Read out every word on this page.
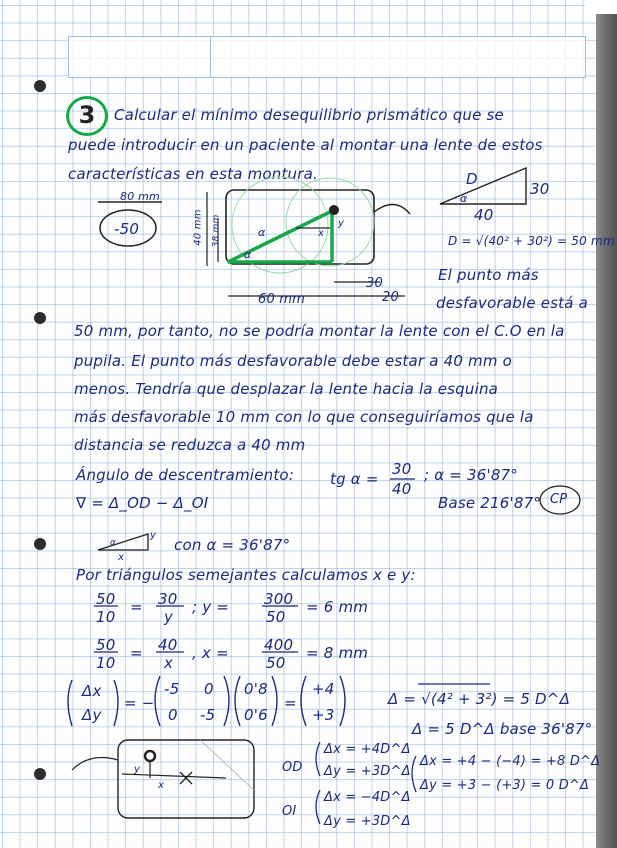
3	Calcular el mínimo desequilibrio prismático que se
puede introducir en un paciente al montar una lente de estos
características en esta montura.
80 mm
-50	40 mm 38 mm	α
α
x
y
30
20
60 mm
D
30
40
α
D = √(40² + 30²) = 50 mm
El punto más
desfavorable está a
50 mm, por tanto, no se podría montar la lente con el C.O en la
pupila. El punto más desfavorable debe estar a 40 mm o
menos. Tendría que desplazar la lente hacia la esquina
más desfavorable 10 mm con lo que conseguiríamos que la
distancia se reduzca a 40 mm
Ángulo de descentramiento: tg α =
30
40
; α = 36'87°
Base 216'87° CP
∇ = Δ_OD − Δ_OI
y
x
α	con α = 36'87°
Por triángulos semejantes calculamos x e y:
50
10
= 30
y
; y = 300
50
= 6 mm
50
10
= 40
x
, x = 400
50
= 8 mm
Δx
Δy
= −
-5 0
0 -5
0'8
0'6
=
+4
+3
Δ = √(4² + 3²) = 5 D^Δ
Δ = 5 D^Δ base 36'87°
y
x
OD
Δx = +4D^Δ
Δy = +3D^Δ
OI
Δx = −4D^Δ
Δy = +3D^Δ
Δx = +4 − (−4) = +8 D^Δ
Δy = +3 − (+3) = 0 D^Δ
